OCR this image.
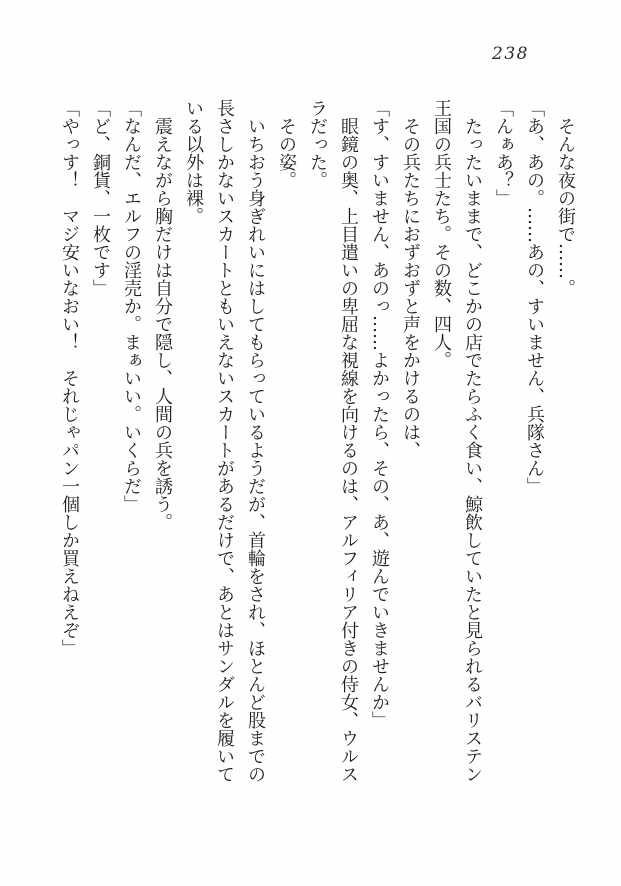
238

そんな夜の街で……。

「あ、あの。……あの、すいません、兵隊さん」

「んぁあ？」

たったいままで、どこかの店でたらふく食い、鯨飲していたと見られるバリステン王国の兵士たち。その数、四人。

その兵たちにおずおずと声をかけるのは、

「す、すいません、あのっ……よかったら、その、あ、遊んでいきませんか」

眼鏡の奥、上目遣いの卑屈な視線を向けるのは、アルフィリア付きの侍女、ウルスラだった。

その姿。

いちおう身ぎれいにはしてもらっているようだが、首輪をされ、ほとんど股までの長さしかないスカートともいえないスカートがあるだけで、あとはサンダルを履いている以外は裸。

震えながら胸だけは自分で隠し、人間の兵を誘う。

「なんだ、エルフの淫売か。まぁいい。いくらだ」

「ど、銅貨、一枚です」

「やっす！　マジ安いなおい！　それじゃパン一個しか買えねえぞ」
